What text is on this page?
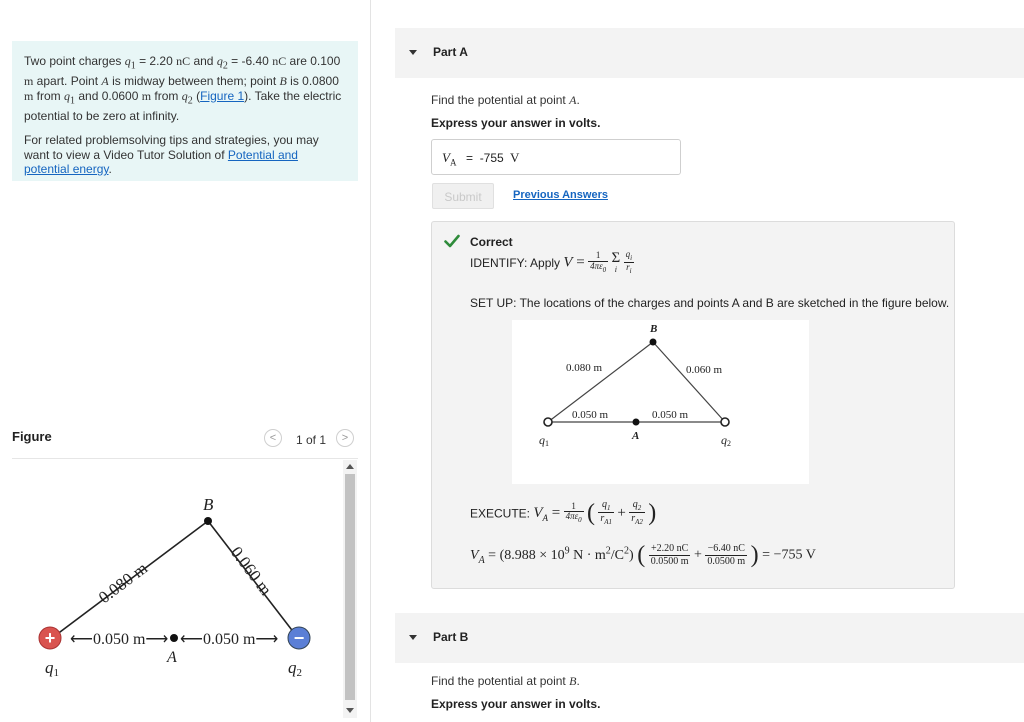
Two point charges $q_1 = 2.20$ nC and $q_2 = -6.40$ nC are 0.100 m apart. Point A is midway between them; point B is 0.0800 m from $q_1$ and 0.0600 m from $q_2$ (Figure 1). Take the electric potential to be zero at infinity.

For related problemsolving tips and strategies, you may want to view a Video Tutor Solution of Potential and potential energy.

Figure	<	1 of 1	>
+	−
B
0.080 m	0.060 m
⟵0.050 m⟶ ⟵0.050 m⟶
A
q1	q2
Part A
Find the potential at point A.
Express your answer in volts.
$V_A = -755$ V
Submit	Previous Answers
Correct
IDENTIFY: Apply $V = \frac{1}{4\pi\varepsilon_0}$
Σ
i
$\frac{q_i}{r_i}$
SET UP: The locations of the charges and points A and B are sketched in the figure below.
B
0.080 m	0.060 m
0.050 m	0.050 m
A
q1	q2
EXECUTE: $V_A = \frac{1}{4\pi\varepsilon_0}$ ( $\frac{q_1}{r_{A1}} + \frac{q_2}{r_{A2}}$ )
$V_A = (8.988 \times 10^9$ $N \cdot m^2/C^2$) ( $\frac{+2.20 nC}{0.0500 m} + \frac{-6.40 nC}{0.0500 m}$ ) = −755 V
Part B
Find the potential at point B.
Express your answer in volts.
